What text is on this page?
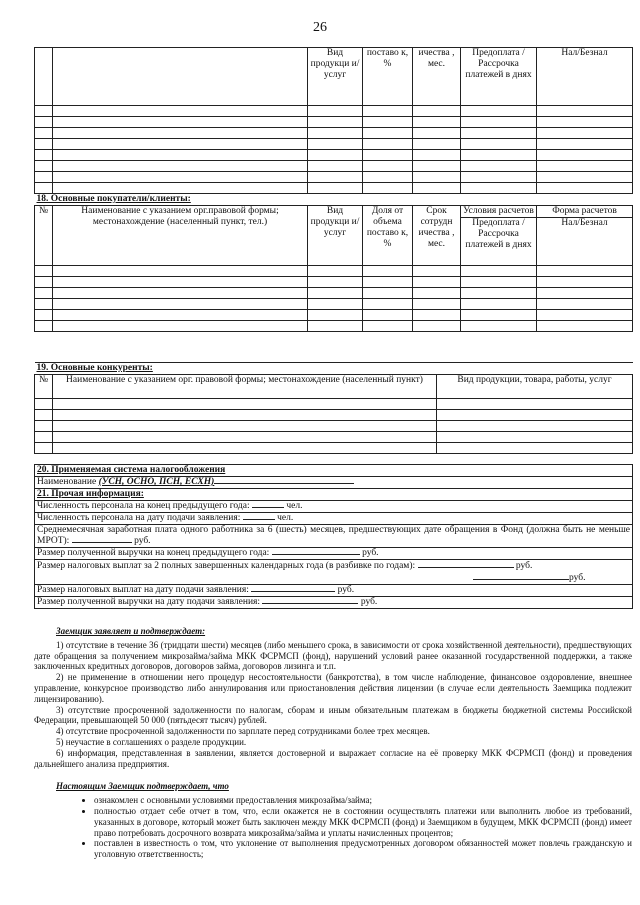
26
		Вид продукци и/услуг	поставо к, %	ичества , мес.	Предоплата / Рассрочка платежей в днях	Нал/Безнал

18. Основные покупатели/клиенты:						
№	Наименование с указанием орг.правовой формы; местонахождение (населенный пункт, тел.)	Вид продукци и/услуг	Доля от объема поставо к, %	Срок сотрудн ичества , мес.	Условия расчетов	Форма расчетов
					Предоплата / Рассрочка платежей в днях	Нал/Безнал

19. Основные конкуренты:		
№	Наименование с указанием орг. правовой формы; местонахождение (населенный пункт)	Вид продукции, товара, работы, услуг

20. Применяемая система налогообложения
Наименование (УСН, ОСНО, ПСН, ЕСХН)
21. Прочая информация:
Численность персонала на конец предыдущего года:	чел.
Численность персонала на дату подачи заявления:	чел.
Среднемесячная заработная плата одного работника за 6 (шесть) месяцев, предшествующих дате обращения в Фонд (должна быть не меньше МРОТ):	руб.
Размер полученной выручки на конец предыдущего года:	руб.
Размер налоговых выплат за 2 полных завершенных календарных года (в разбивке по годам):	руб.
руб.
Размер налоговых выплат на дату подачи заявления:	руб.
Размер полученной выручки на дату подачи заявления:	руб.

Заемщик заявляет и подтверждает:

1) отсутствие в течение 36 (тридцати шести) месяцев (либо меньшего срока, в зависимости от срока хозяйственной деятельности), предшествующих дате обращения за получением микрозайма/займа МКК ФСРМСП (фонд), нарушений условий ранее оказанной государственной поддержки, а также заключенных кредитных договоров, договоров займа, договоров лизинга и т.п.

2) не применение в отношении него процедур несостоятельности (банкротства), в том числе наблюдение, финансовое оздоровление, внешнее управление, конкурсное производство либо аннулирования или приостановления действия лицензии (в случае если деятельность Заемщика подлежит лицензированию).

3) отсутствие просроченной задолженности по налогам, сборам и иным обязательным платежам в бюджеты бюджетной системы Российской Федерации, превышающей 50 000 (пятьдесят тысяч) рублей.

4) отсутствие просроченной задолженности по зарплате перед сотрудниками более трех месяцев.

5) неучастие в соглашениях о разделе продукции.

6) информация, представленная в заявлении, является достоверной и выражает согласие на её проверку МКК ФСРМСП (фонд) и проведения дальнейшего анализа предприятия.

Настоящим Заемщик подтверждает, что

• ознакомлен с основными условиями предоставления микрозайма/займа;
• полностью отдает себе отчет в том, что, если окажется не в состоянии осуществлять платежи или выполнить любое из требований, указанных в договоре, который может быть заключен между МКК ФСРМСП (фонд) и Заемщиком в будущем, МКК ФСРМСП (фонд) имеет право потребовать досрочного возврата микрозайма/займа и уплаты начисленных процентов;
• поставлен в известность о том, что уклонение от выполнения предусмотренных договором обязанностей может повлечь гражданскую и уголовную ответственность;
